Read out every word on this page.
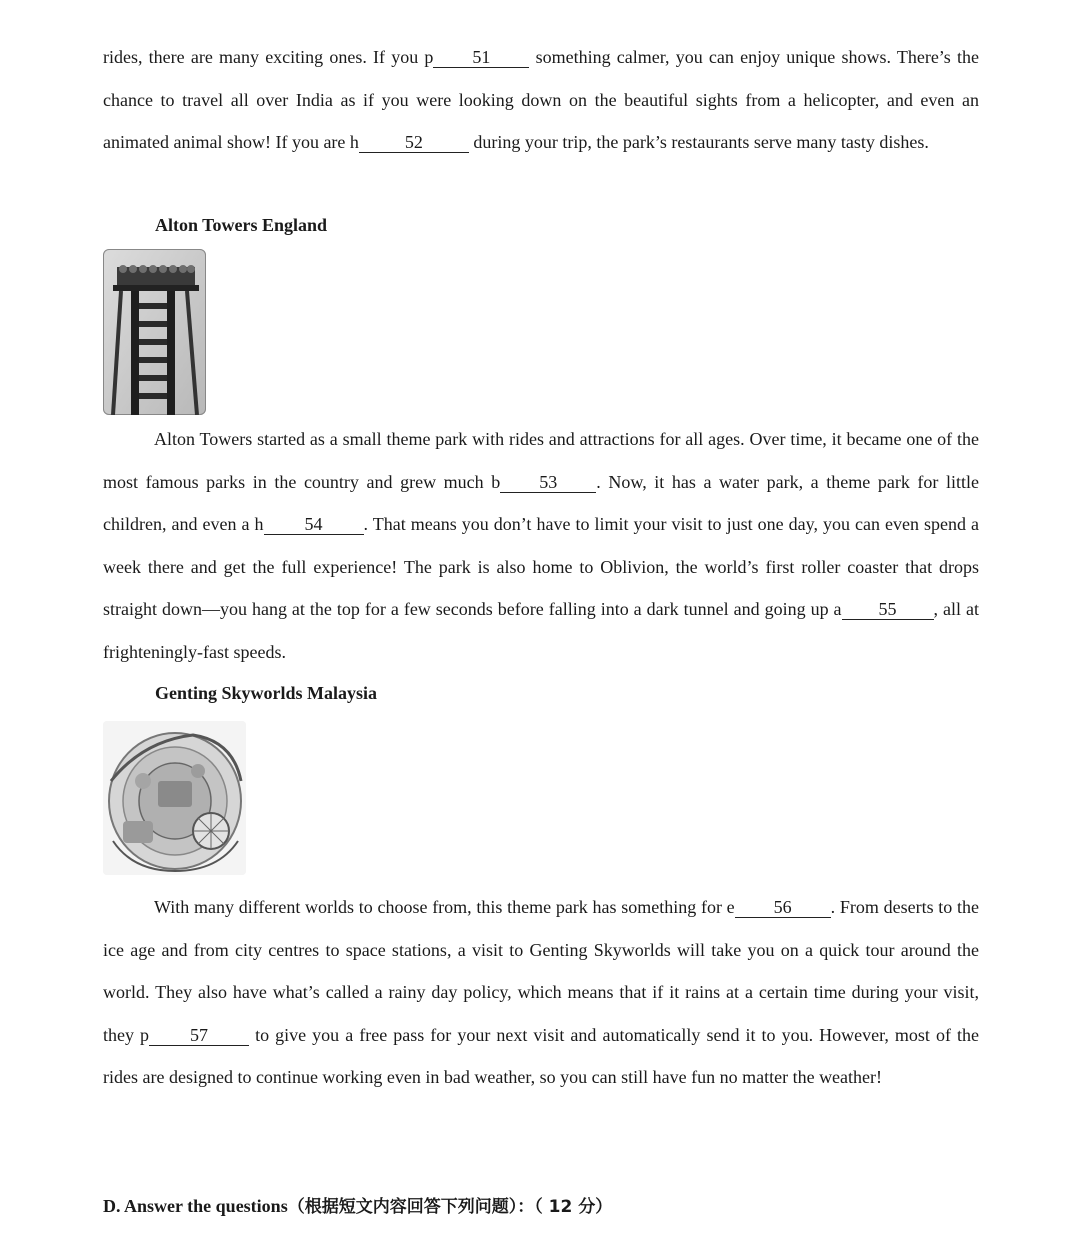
rides, there are many exciting ones. If you p 51 something calmer, you can enjoy unique shows. There’s the chance to travel all over India as if you were looking down on the beautiful sights from a helicopter, and even an animated animal show! If you are h	52	during your trip, the park’s restaurants serve many tasty dishes.

Alton Towers England

Alton Towers started as a small theme park with rides and attractions for all ages. Over time, it became one of the most famous parks in the country and grew much b 53 . Now, it has a water park, a theme park for little children, and even a h 54 . That means you don’t have to limit your visit to just one day, you can even spend a week there and get the full experience! The park is also home to Oblivion, the world’s first roller coaster that drops straight down—you hang at the top for a few seconds before falling into a dark tunnel and going up a 55 , all at frighteningly-fast speeds.

Genting Skyworlds Malaysia

With many different worlds to choose from, this theme park has something for e 56 . From deserts to the ice age and from city centres to space stations, a visit to Genting Skyworlds will take you on a quick tour around the world. They also have what’s called a rainy day policy, which means that if it rains at a certain time during your visit, they p 57 to give you a free pass for your next visit and automatically send it to you. However, most of the rides are designed to continue working even in bad weather, so you can still have fun no matter the weather!

D. Answer the questions（根据短文内容回答下列问题）：（ 12 分）
